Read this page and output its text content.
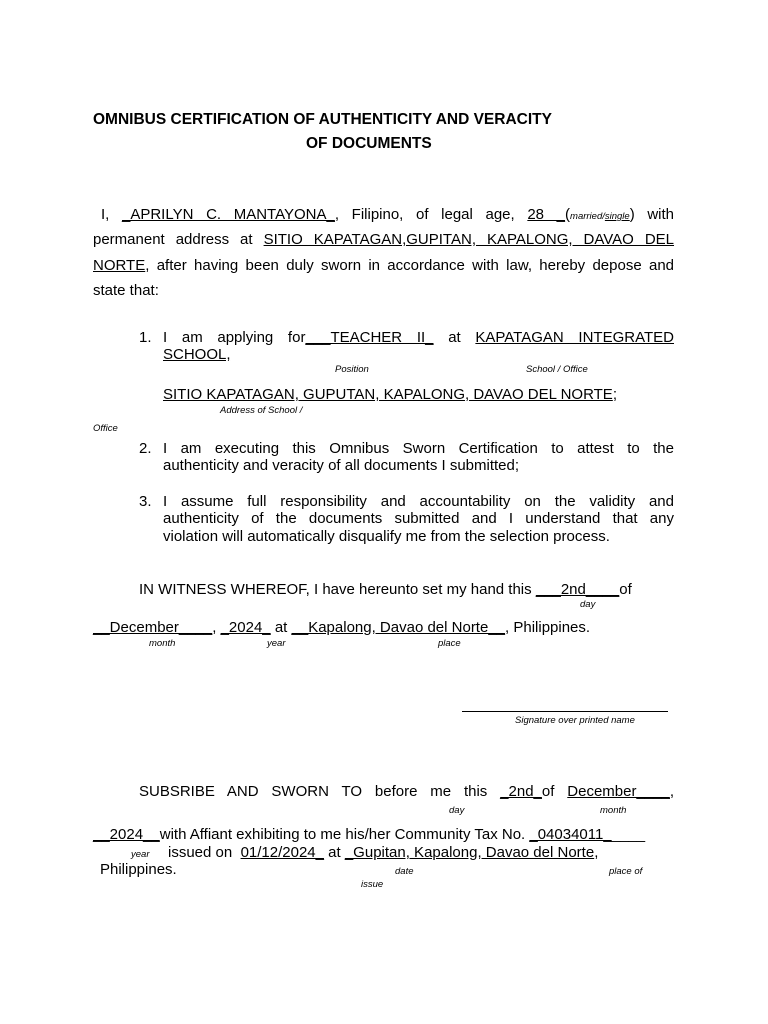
OMNIBUS CERTIFICATION OF AUTHENTICITY AND VERACITY
OF DOCUMENTS
I, _APRILYN C. MANTAYONA_, Filipino, of legal age, 28 _(married/single) with
permanent address at SITIO KAPATAGAN,GUPITAN, KAPALONG, DAVAO DEL
NORTE, after having been duly sworn in accordance with law, hereby depose and
state that:
1. I am applying for___TEACHER II_ at KAPATAGAN INTEGRATED
SCHOOL,
Position	School / Office
SITIO KAPATAGAN, GUPUTAN, KAPALONG, DAVAO DEL NORTE;
Address of School /
Office
2. I am executing this Omnibus Sworn Certification to attest to the
authenticity and veracity of all documents I submitted;
3. I assume full responsibility and accountability on the validity and
authenticity of the documents submitted and I understand that any
violation will automatically disqualify me from the selection process.
IN WITNESS WHEREOF, I have hereunto set my hand this ___2nd____of
day
__December____, _2024_ at __Kapalong, Davao del Norte__, Philippines.
month	year	place
Signature over printed name
SUBSRIBE AND SWORN TO before me this _2nd_of December____,
day	month
__2024__with Affiant exhibiting to me his/her Community Tax No. _04034011_____
year issued on 01/12/2024_ at _Gupitan, Kapalong, Davao del Norte,
Philippines.	date	place of
issue
